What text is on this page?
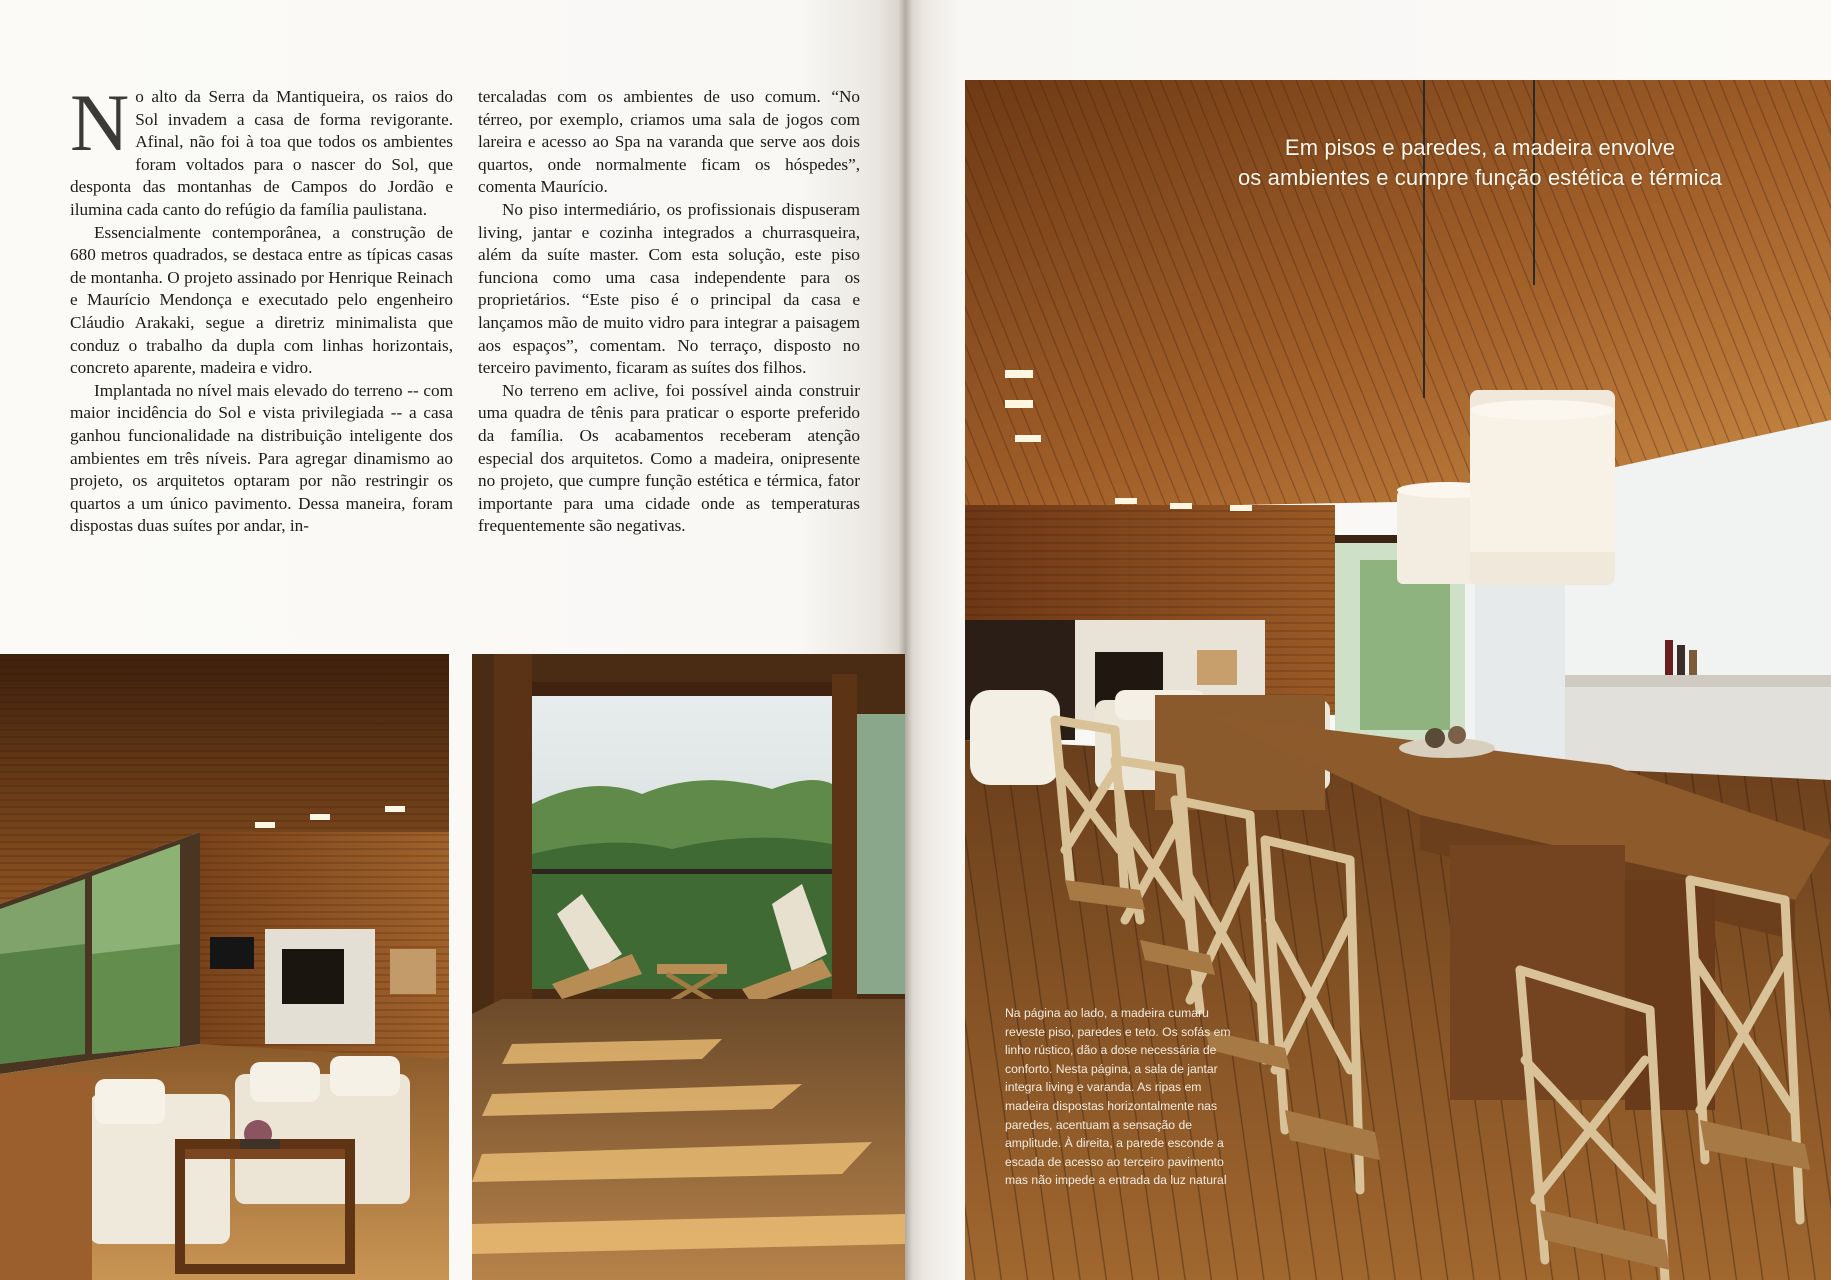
No alto da Serra da Mantiqueira, os raios do Sol invadem a casa de forma revigorante. Afinal, não foi à toa que todos os ambientes foram voltados para o nascer do Sol, que desponta das montanhas de Campos do Jordão e ilumina cada canto do refúgio da família paulistana.

Essencialmente contemporânea, a construção de 680 metros quadrados, se destaca entre as típicas casas de montanha. O projeto assinado por Henrique Reinach e Maurício Mendonça e executado pelo engenheiro Cláudio Arakaki, segue a diretriz minimalista que conduz o trabalho da dupla com linhas horizontais, concreto aparente, madeira e vidro.

Implantada no nível mais elevado do terreno -- com maior incidência do Sol e vista privilegiada -- a casa ganhou funcionalidade na distribuição inteligente dos ambientes em três níveis. Para agregar dinamismo ao projeto, os arquitetos optaram por não restringir os quartos a um único pavimento. Dessa maneira, foram dispostas duas suítes por andar, in-

tercaladas com os ambientes de uso comum. “No térreo, por exemplo, criamos uma sala de jogos com lareira e acesso ao Spa na varanda que serve aos dois quartos, onde normalmente ficam os hóspedes”, comenta Maurício.

No piso intermediário, os profissionais dispuseram living, jantar e cozinha integrados a churrasqueira, além da suíte master. Com esta solução, este piso funciona como uma casa independente para os proprietários. “Este piso é o principal da casa e lançamos mão de muito vidro para integrar a paisagem aos espaços”, comentam. No terraço, disposto no terceiro pavimento, ficaram as suítes dos filhos.

No terreno em aclive, foi possível ainda construir uma quadra de tênis para praticar o esporte preferido da família. Os acabamentos receberam atenção especial dos arquitetos. Como a madeira, onipresente no projeto, que cumpre função estética e térmica, fator importante para uma cidade onde as temperaturas frequentemente são negativas.

Em pisos e paredes, a madeira envolve
os ambientes e cumpre função estética e térmica
Na página ao lado, a madeira cumaru reveste piso, paredes e teto. Os sofás em linho rústico, dão a dose necessária de conforto. Nesta página, a sala de jantar integra living e varanda. As ripas em madeira dispostas horizontalmente nas paredes, acentuam a sensação de amplitude. À direita, a parede esconde a escada de acesso ao terceiro pavimento mas não impede a entrada da luz natural
